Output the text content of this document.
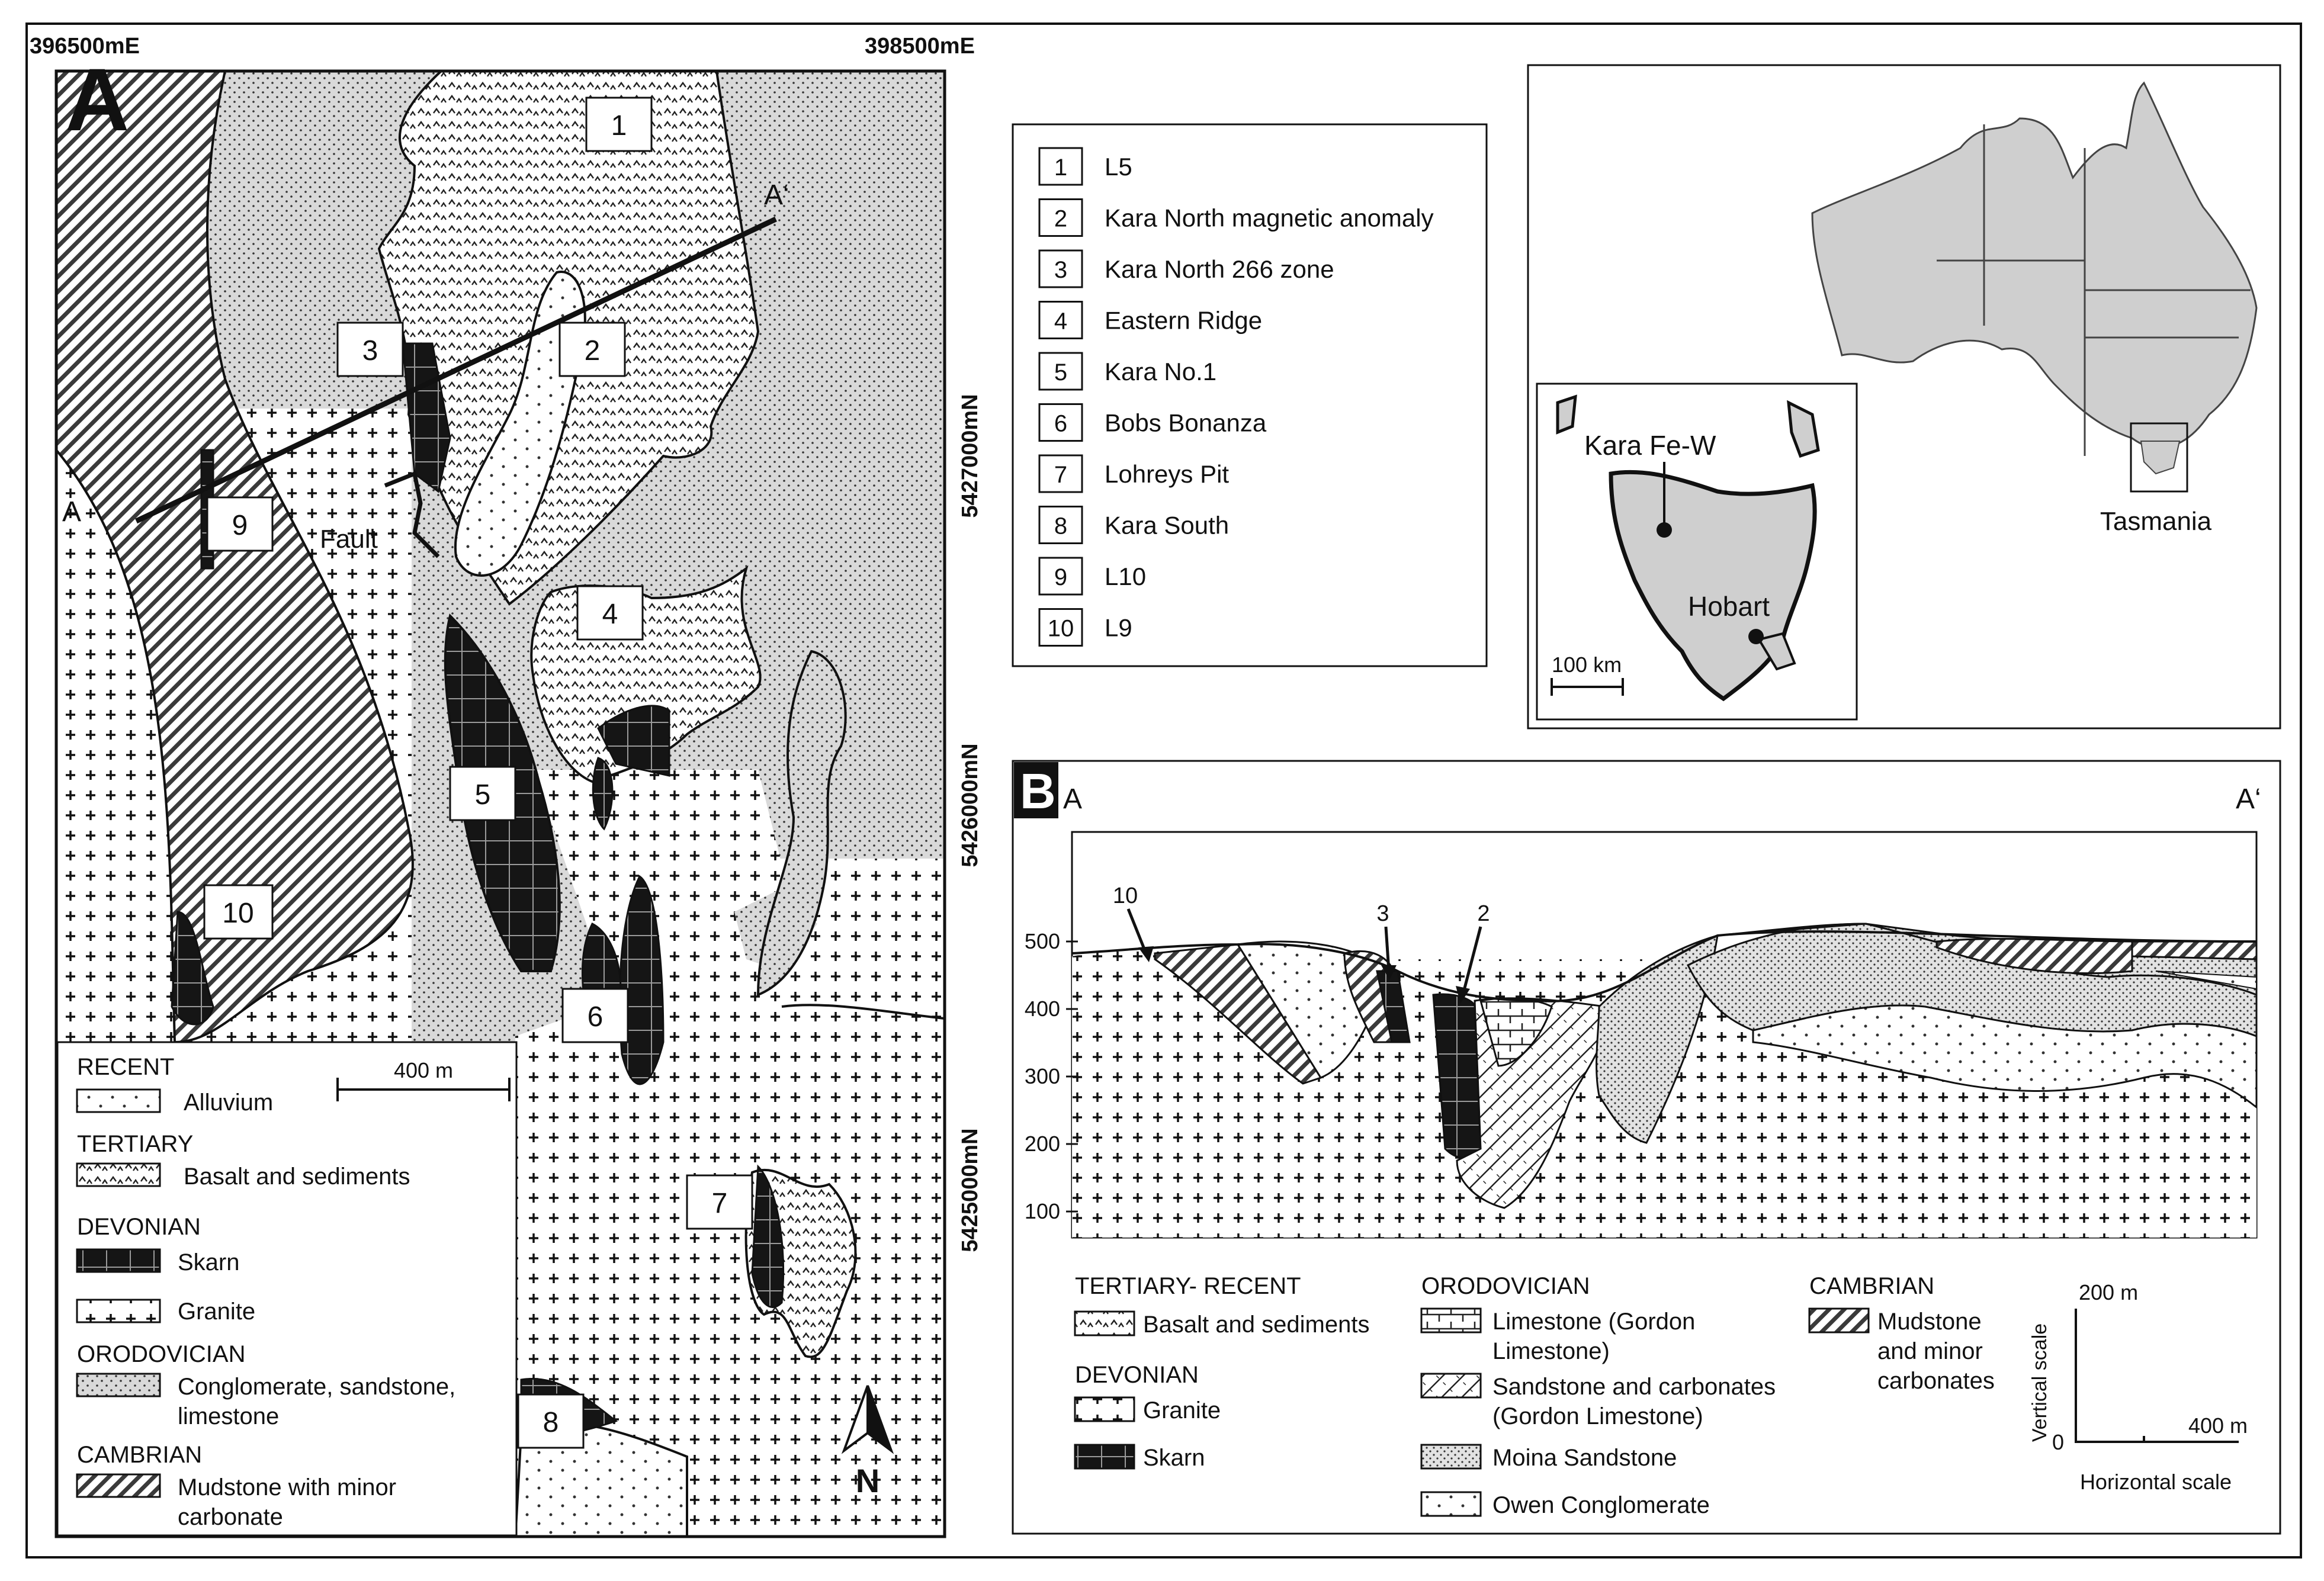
396500mE	398500mE
5427000mN
5426000mN
5425000mN
A
A
A‘
Fault
1
2
3
4
5
6
7
8
9
10
400 m
RECENT
Alluvium
TERTIARY
Basalt and sediments
DEVONIAN
Skarn
Granite
ORODOVICIAN
Conglomerate, sandstone,
limestone
CAMBRIAN
Mudstone with minor
carbonate
N
1 L5
2 Kara North magnetic anomaly
3 Kara North 266 zone
4 Eastern Ridge
5 Kara No.1
6 Bobs Bonanza
7 Lohreys Pit
8 Kara South
9 L10
10 L9
Tasmania
Kara Fe-W
Hobart
100 km
B A	A‘
500
400
300
200
100
10
3	2
TERTIARY- RECENT
Basalt and sediments
DEVONIAN
Granite
Skarn
ORODOVICIAN
Limestone (Gordon
Limestone)
Sandstone and carbonates
(Gordon Limestone)
Moina Sandstone
Owen Conglomerate
CAMBRIAN
Mudstone
and minor
carbonates
200 m
0
400 m
Vertical scale
Horizontal scale
